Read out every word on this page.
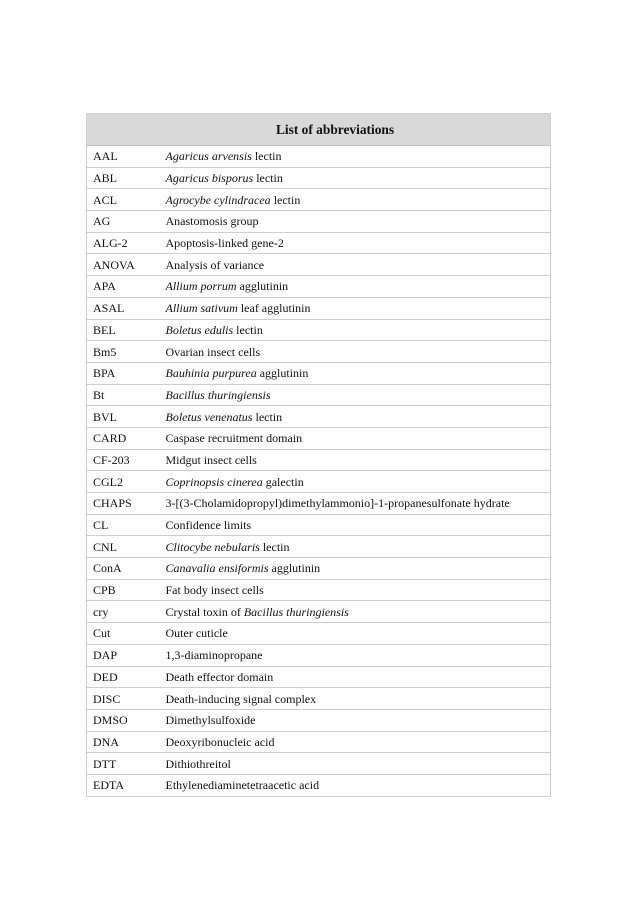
List of abbreviations	
AAL	Agaricus arvensis lectin
ABL	Agaricus bisporus lectin
ACL	Agrocybe cylindracea lectin
AG	Anastomosis group
ALG-2	Apoptosis-linked gene-2
ANOVA	Analysis of variance
APA	Allium porrum agglutinin
ASAL	Allium sativum leaf agglutinin
BEL	Boletus edulis lectin
Bm5	Ovarian insect cells
BPA	Bauhinia purpurea agglutinin
Bt	Bacillus thuringiensis
BVL	Boletus venenatus lectin
CARD	Caspase recruitment domain
CF-203	Midgut insect cells
CGL2	Coprinopsis cinerea galectin
CHAPS	3-[(3-Cholamidopropyl)dimethylammonio]-1-propanesulfonate hydrate
CL	Confidence limits
CNL	Clitocybe nebularis lectin
ConA	Canavalia ensiformis agglutinin
CPB	Fat body insect cells
cry	Crystal toxin of Bacillus thuringiensis
Cut	Outer cuticle
DAP	1,3-diaminopropane
DED	Death effector domain
DISC	Death-inducing signal complex
DMSO	Dimethylsulfoxide
DNA	Deoxyribonucleic acid
DTT	Dithiothreitol
EDTA	Ethylenediaminetetraacetic acid
